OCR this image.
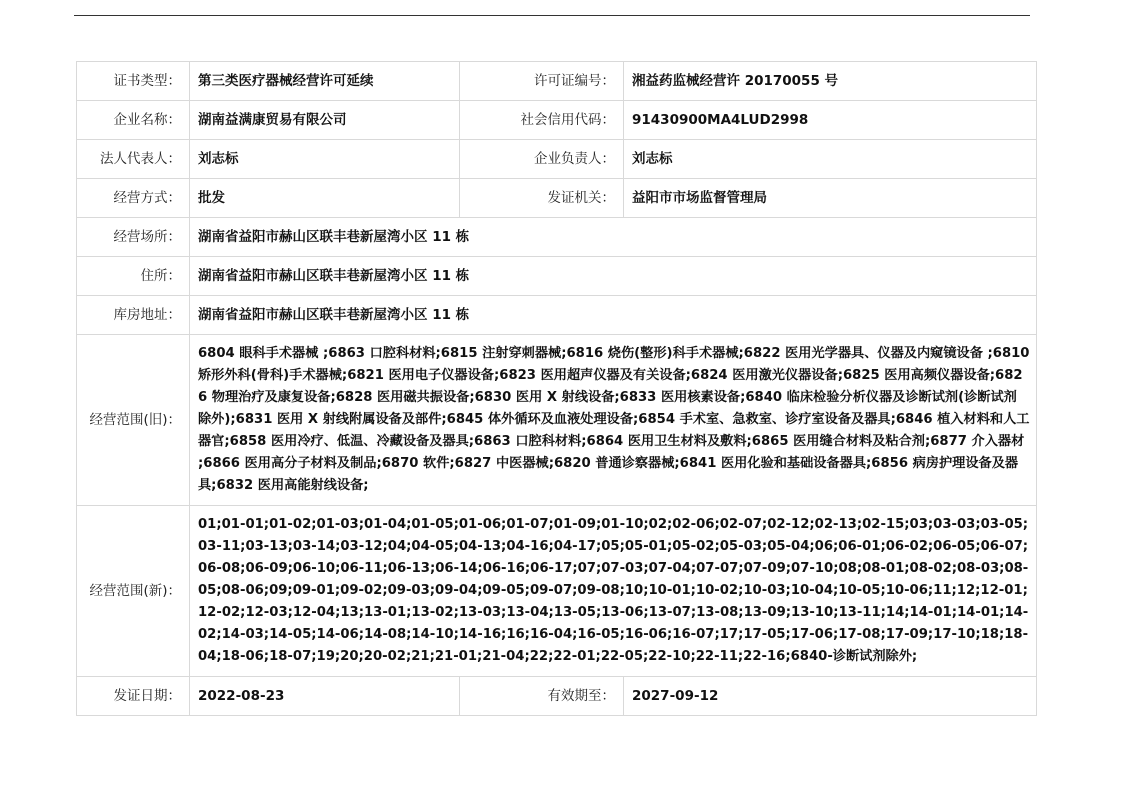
证书类型：	第三类医疗器械经营许可延续	许可证编号：	湘益药监械经营许 20170055 号
企业名称：	湖南益满康贸易有限公司	社会信用代码：	91430900MA4LUD2998
法人代表人：	刘志标	企业负责人：	刘志标
经营方式：	批发	发证机关：	益阳市市场监督管理局
经营场所：	湖南省益阳市赫山区联丰巷新屋湾小区 11 栋		
住所：	湖南省益阳市赫山区联丰巷新屋湾小区 11 栋		
库房地址：	湖南省益阳市赫山区联丰巷新屋湾小区 11 栋		
经营范围(旧)：	6804 眼科手术器械 ;6863 口腔科材料;6815 注射穿刺器械;6816 烧伤(整形)科手术器械;6822 医用光学器具、仪器及内窥镜设备 ;6810 矫形外科(骨科)手术器械;6821 医用电子仪器设备;6823 医用超声仪器及有关设备;6824 医用激光仪器设备;6825 医用高频仪器设备;6826 物理治疗及康复设备;6828 医用磁共振设备;6830 医用 X 射线设备;6833 医用核素设备;6840 临床检验分析仪器及诊断试剂(诊断试剂除外);6831 医用 X 射线附属设备及部件;6845 体外循环及血液处理设备;6854 手术室、急救室、诊疗室设备及器具;6846 植入材料和人工器官;6858 医用冷疗、低温、冷藏设备及器具;6863 口腔科材料;6864 医用卫生材料及敷料;6865 医用缝合材料及粘合剂;6877 介入器材 ;6866 医用高分子材料及制品;6870 软件;6827 中医器械;6820 普通诊察器械;6841 医用化验和基础设备器具;6856 病房护理设备及器具;6832 医用高能射线设备;		
经营范围(新)：	01;01-01;01-02;01-03;01-04;01-05;01-06;01-07;01-09;01-10;02;02-06;02-07;02-12;02-13;02-15;03;03-03;03-05;03-11;03-13;03-14;03-12;04;04-05;04-13;04-16;04-17;05;05-01;05-02;05-03;05-04;06;06-01;06-02;06-05;06-07;06-08;06-09;06-10;06-11;06-13;06-14;06-16;06-17;07;07-03;07-04;07-07;07-09;07-10;08;08-01;08-02;08-03;08-05;08-06;09;09-01;09-02;09-03;09-04;09-05;09-07;09-08;10;10-01;10-02;10-03;10-04;10-05;10-06;11;12;12-01;12-02;12-03;12-04;13;13-01;13-02;13-03;13-04;13-05;13-06;13-07;13-08;13-09;13-10;13-11;14;14-01;14-01;14-02;14-03;14-05;14-06;14-08;14-10;14-16;16;16-04;16-05;16-06;16-07;17;17-05;17-06;17-08;17-09;17-10;18;18-04;18-06;18-07;19;20;20-02;21;21-01;21-04;22;22-01;22-05;22-10;22-11;22-16;6840-诊断试剂除外;		
发证日期：	2022-08-23	有效期至：	2027-09-12
